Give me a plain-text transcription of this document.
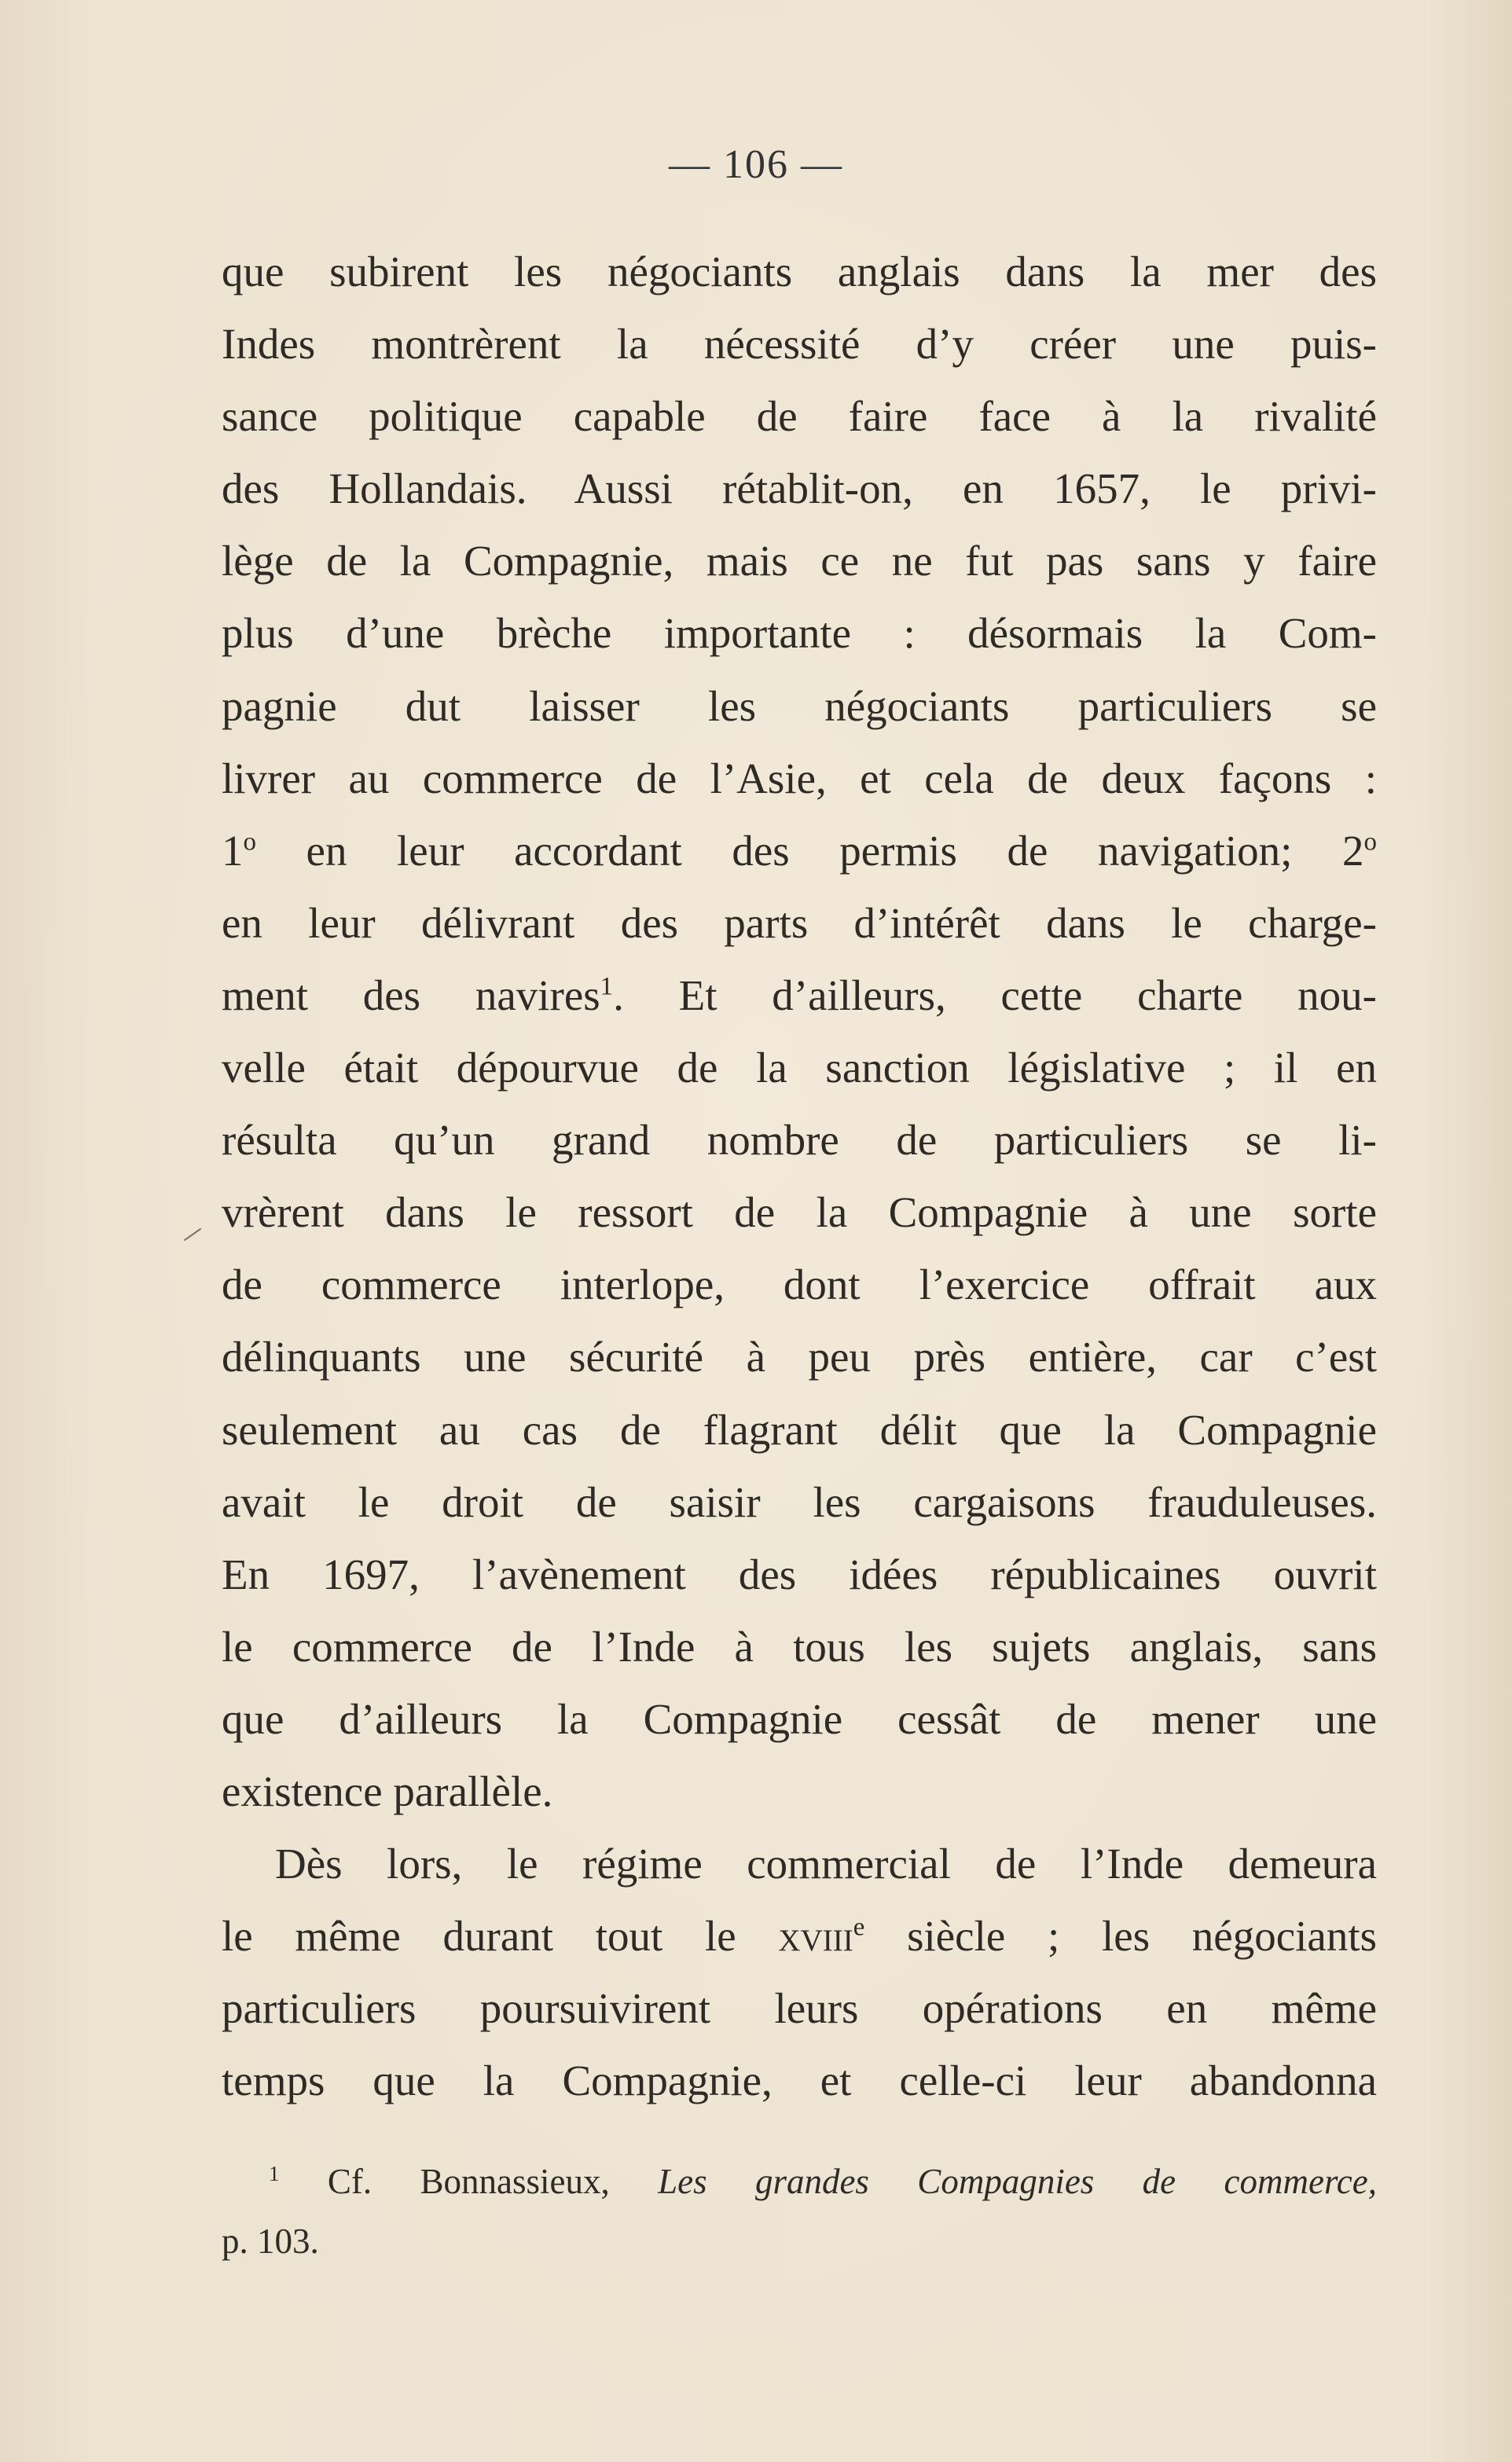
— 106 —
que subirent les négociants anglais dans la mer des
Indes montrèrent la nécessité d’y créer une puis-
sance politique capable de faire face à la rivalité
des Hollandais. Aussi rétablit-on, en 1657, le privi-
lège de la Compagnie, mais ce ne fut pas sans y faire
plus d’une brèche importante : désormais la Com-
pagnie dut laisser les négociants particuliers se
livrer au commerce de l’Asie, et cela de deux façons :
1$^o$ en leur accordant des permis de navigation; 2$^o$
en leur délivrant des parts d’intérêt dans le charge-
ment des navires$^1$. Et d’ailleurs, cette charte nou-
velle était dépourvue de la sanction législative ; il en
résulta qu’un grand nombre de particuliers se li-
vrèrent dans le ressort de la Compagnie à une sorte
de commerce interlope, dont l’exercice offrait aux
délinquants une sécurité à peu près entière, car c’est
seulement au cas de flagrant délit que la Compagnie
avait le droit de saisir les cargaisons frauduleuses.
En 1697, l’avènement des idées républicaines ouvrit
le commerce de l’Inde à tous les sujets anglais, sans
que d’ailleurs la Compagnie cessât de mener une
existence parallèle.
Dès lors, le régime commercial de l’Inde demeura
le même durant tout le xviii$^e$ siècle ; les négociants
particuliers poursuivirent leurs opérations en même
temps que la Compagnie, et celle-ci leur abandonna
$^1$ Cf. Bonnassieux, Les grandes Compagnies de commerce,
p. 103.
